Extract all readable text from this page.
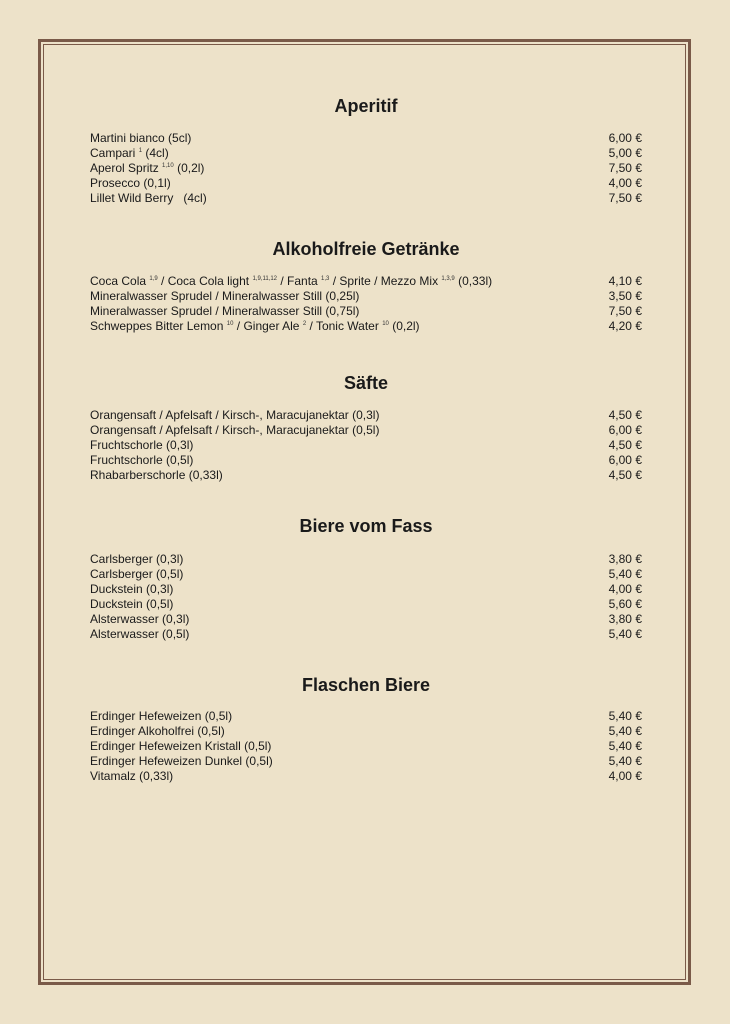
Aperitif
Martini bianco (5cl)	6,00 €
Campari $^1$ (4cl)	5,00 €
Aperol Spritz $^{1,10}$ (0,2l)	7,50 €
Prosecco (0,1l)	4,00 €
Lillet Wild Berry   (4cl)	7,50 €
Alkoholfreie Getränke
Coca Cola $^{1,9}$ / Coca Cola light $^{1,9,11,12}$ / Fanta $^{1,3}$ / Sprite / Mezzo Mix $^{1,3,9}$ (0,33l)	4,10 €
Mineralwasser Sprudel / Mineralwasser Still (0,25l)	3,50 €
Mineralwasser Sprudel / Mineralwasser Still (0,75l)	7,50 €
Schweppes Bitter Lemon $^{10}$ / Ginger Ale $^2$ / Tonic Water $^{10}$ (0,2l)	4,20 €
Säfte
Orangensaft / Apfelsaft / Kirsch-, Maracujanektar (0,3l)	4,50 €
Orangensaft / Apfelsaft / Kirsch-, Maracujanektar (0,5l)	6,00 €
Fruchtschorle (0,3l)	4,50 €
Fruchtschorle (0,5l)	6,00 €
Rhabarberschorle (0,33l)	4,50 €
Biere vom Fass
Carlsberger (0,3l)	3,80 €
Carlsberger (0,5l)	5,40 €
Duckstein (0,3l)	4,00 €
Duckstein (0,5l)	5,60 €
Alsterwasser (0,3l)	3,80 €
Alsterwasser (0,5l)	5,40 €
Flaschen Biere
Erdinger Hefeweizen (0,5l)	5,40 €
Erdinger Alkoholfrei (0,5l)	5,40 €
Erdinger Hefeweizen Kristall (0,5l)	5,40 €
Erdinger Hefeweizen Dunkel (0,5l)	5,40 €
Vitamalz (0,33l)	4,00 €
